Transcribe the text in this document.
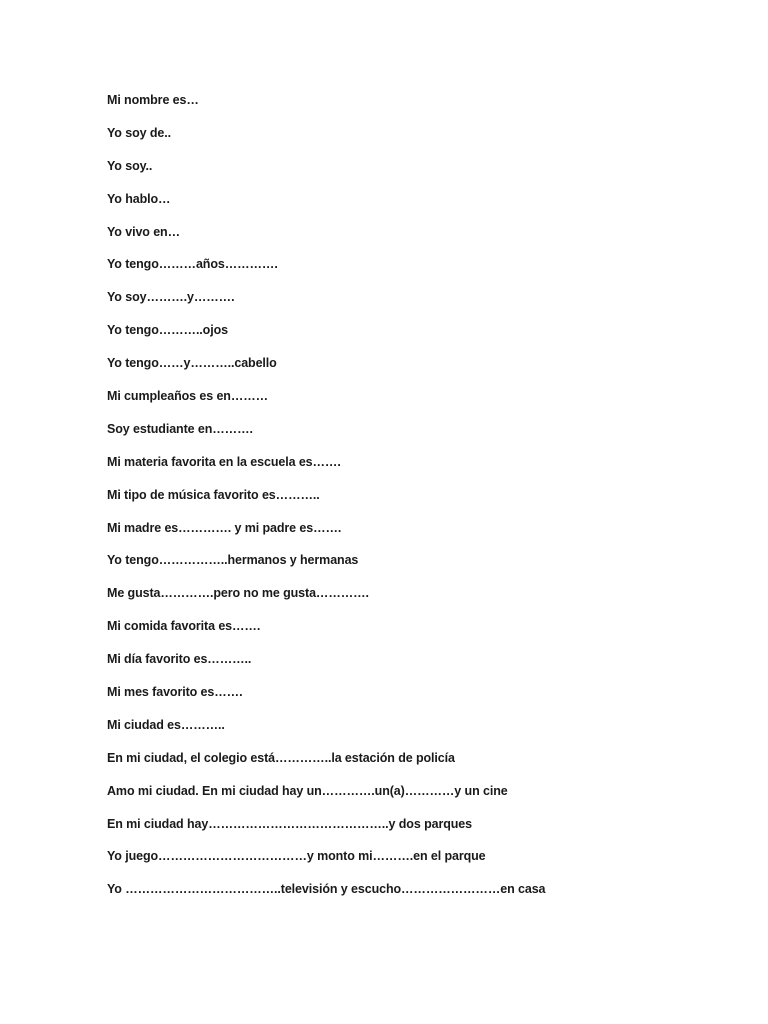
Mi nombre es…
Yo soy de..
Yo soy..
Yo hablo…
Yo vivo en…
Yo tengo………años………….
Yo soy……….y……….
Yo tengo………..ojos
Yo tengo……y………..cabello
Mi cumpleaños es en………
Soy estudiante en……….
Mi materia favorita en la escuela es…….
Mi tipo de música favorito es………..
Mi madre es…………. y mi padre es…….
Yo tengo……………..hermanos y hermanas
Me gusta………….pero no me gusta………….
Mi comida favorita es…….
Mi día favorito es………..
Mi mes favorito es…….
Mi ciudad es………..
En mi ciudad, el colegio está…………..la estación de policía
Amo mi ciudad. En mi ciudad hay un………….un(a)…………y un cine
En mi ciudad hay……………………………………..y dos parques
Yo juego………………………………y monto mi……….en el parque
Yo ………………………………..televisión y escucho……………………en casa
